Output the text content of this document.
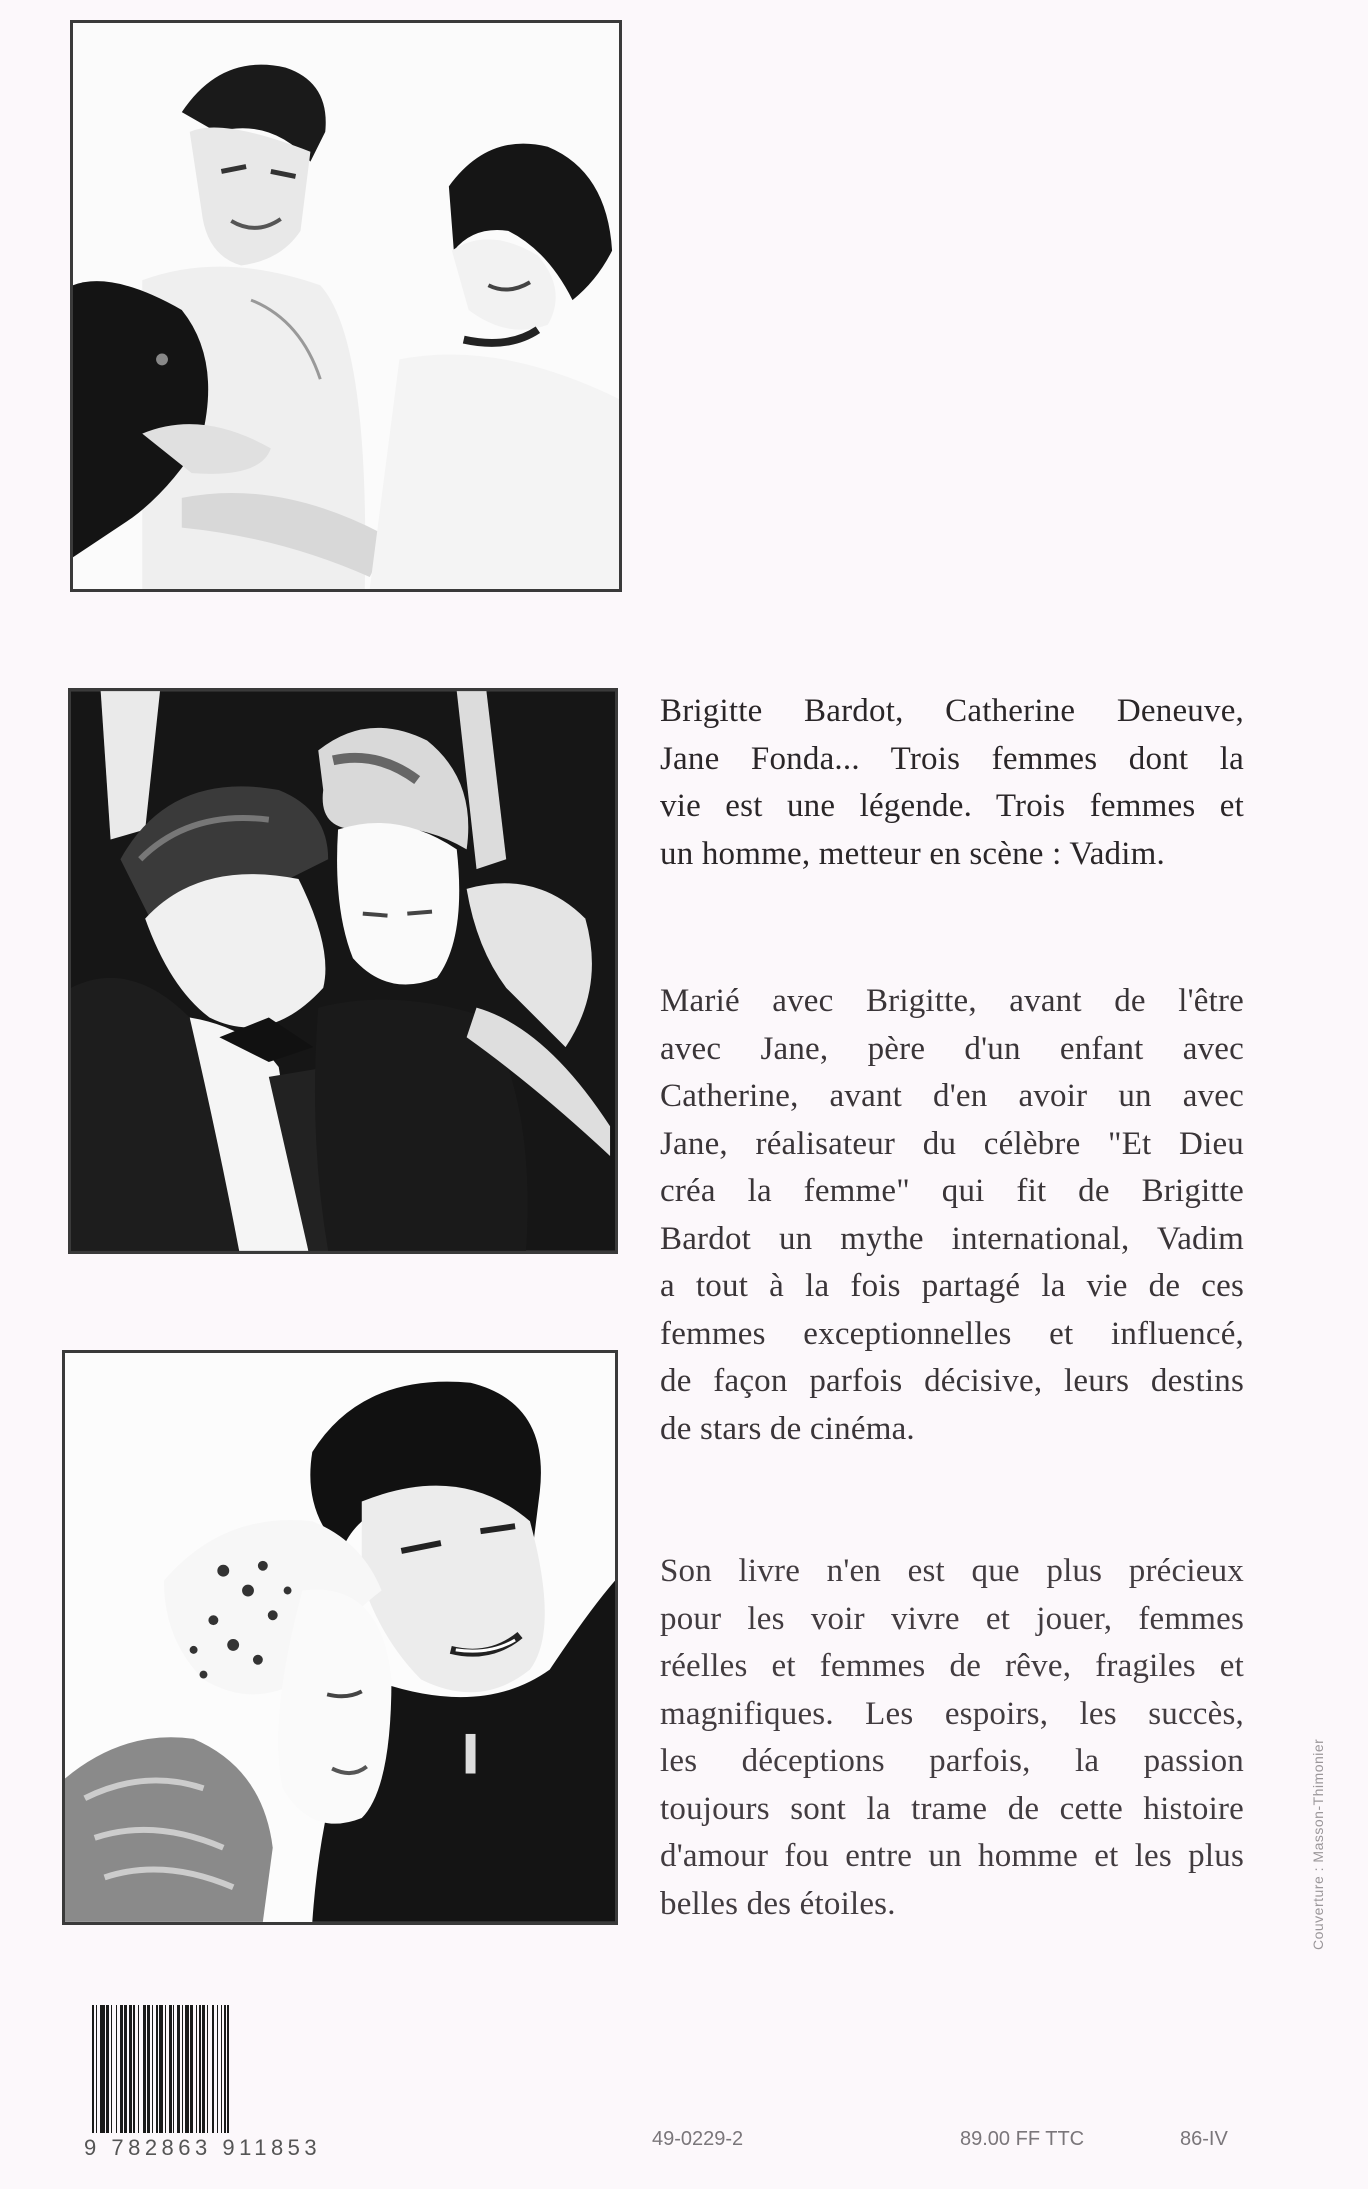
Brigitte Bardot, Catherine Deneuve,
Jane Fonda... Trois femmes dont la
vie est une légende. Trois femmes et
un homme, metteur en scène : Vadim.
Marié avec Brigitte, avant de l'être
avec Jane, père d'un enfant avec
Catherine, avant d'en avoir un avec
Jane, réalisateur du célèbre "Et Dieu
créa la femme" qui fit de Brigitte
Bardot un mythe international, Vadim
a tout à la fois partagé la vie de ces
femmes exceptionnelles et influencé,
de façon parfois décisive, leurs destins
de stars de cinéma.
Son livre n'en est que plus précieux
pour les voir vivre et jouer, femmes
réelles et femmes de rêve, fragiles et
magnifiques. Les espoirs, les succès,
les déceptions parfois, la passion
toujours sont la trame de cette histoire
d'amour fou entre un homme et les plus
belles des étoiles.	Couverture : Masson-Thimonier
9 782863 911853	49-0229-2	89.00 FF TTC	86-IV
